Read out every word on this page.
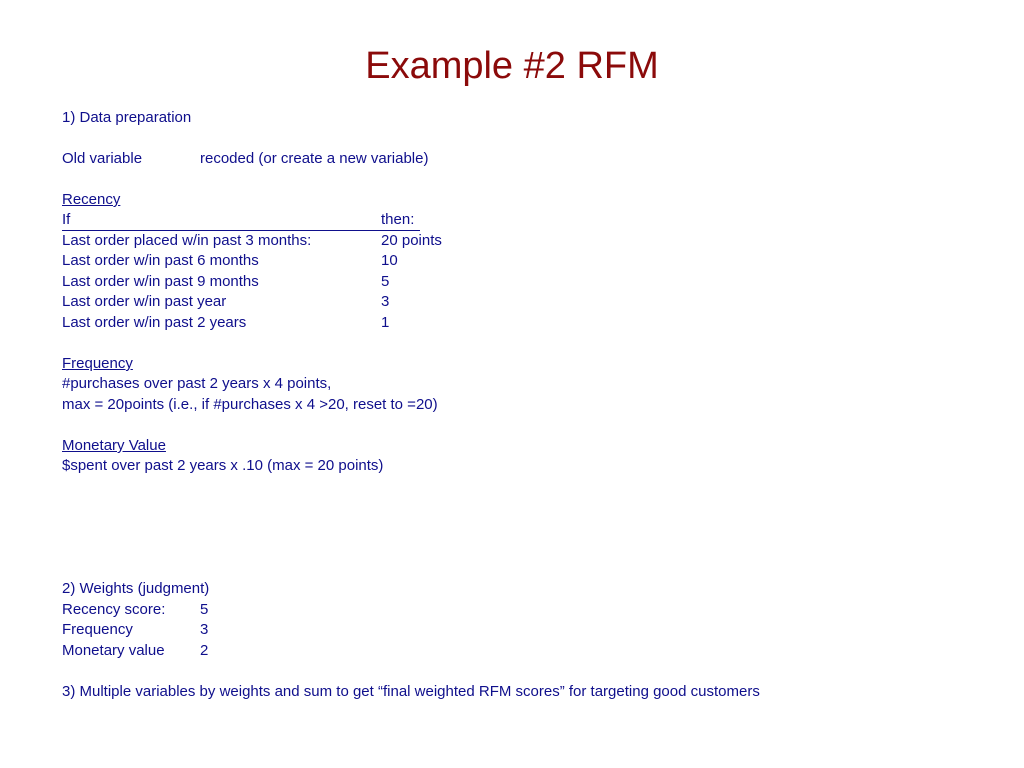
Example #2 RFM
1) Data preparation
Old variable	recoded (or create a new variable)
Recency
If	then:
Last order placed w/in past 3 months:	20 points
Last order w/in past 6 months	10
Last order w/in past 9 months	5
Last order w/in past year	3
Last order w/in past 2 years	1
Frequency
#purchases over past 2 years x 4 points,
max = 20points (i.e., if #purchases x 4 >20, reset to =20)
Monetary Value
$spent over past 2 years x .10 (max = 20 points)
2) Weights (judgment)
Recency score: 5
Frequency	3
Monetary value 2
3) Multiple variables by weights and sum to get “final weighted RFM scores” for targeting good customers
